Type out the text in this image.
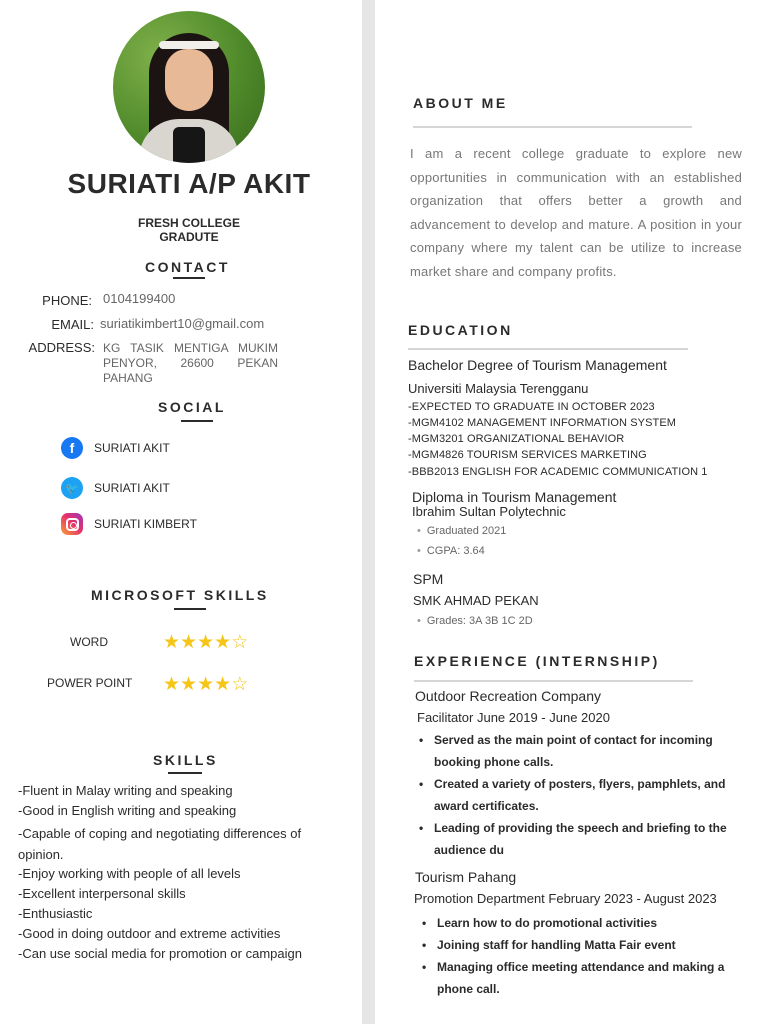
SURIATI A/P AKIT
FRESH COLLEGE
GRADUTE
CONTACT
PHONE: 0104199400
EMAIL: suriatikimbert10@gmail.com
ADDRESS: KG TASIK MENTIGA MUKIM PENYOR, 26600 PEKAN PAHANG
SOCIAL
f	SURIATI AKIT
🐦	SURIATI AKIT
SURIATI KIMBERT
MICROSOFT SKILLS
WORD	★ ★ ★ ★ ☆
POWER POINT ★ ★ ★ ★ ☆
SKILLS
-Fluent in Malay writing and speaking
-Good in English writing and speaking
-Capable of coping and negotiating differences of opinion.
-Enjoy working with people of all levels
-Excellent interpersonal skills
-Enthusiastic
-Good in doing outdoor and extreme activities
-Can use social media for promotion or campaign
ABOUT ME
I am a recent college graduate to explore new opportunities in communication with an established organization that offers better a growth and advancement to develop and mature. A position in your company where my talent can be utilize to increase market share and company profits.
EDUCATION
Bachelor Degree of Tourism Management
Universiti Malaysia Terengganu
-EXPECTED TO GRADUATE IN OCTOBER 2023
-MGM4102 MANAGEMENT INFORMATION SYSTEM
-MGM3201 ORGANIZATIONAL BEHAVIOR
-MGM4826 TOURISM SERVICES MARKETING
-BBB2013 ENGLISH FOR ACADEMIC COMMUNICATION 1
Diploma in Tourism Management
Ibrahim Sultan Polytechnic
• Graduated 2021
• CGPA: 3.64
SPM
SMK AHMAD PEKAN
• Grades: 3A 3B 1C 2D
EXPERIENCE (INTERNSHIP)
Outdoor Recreation Company
Facilitator June 2019 - June 2020
• Served as the main point of contact for incoming booking phone calls.
• Created a variety of posters, flyers, pamphlets, and award certificates.
• Leading of providing the speech and briefing to the audience du
Tourism Pahang
Promotion Department February 2023 - August 2023
• Learn how to do promotional activities
• Joining staff for handling Matta Fair event
• Managing office meeting attendance and making a phone call.
